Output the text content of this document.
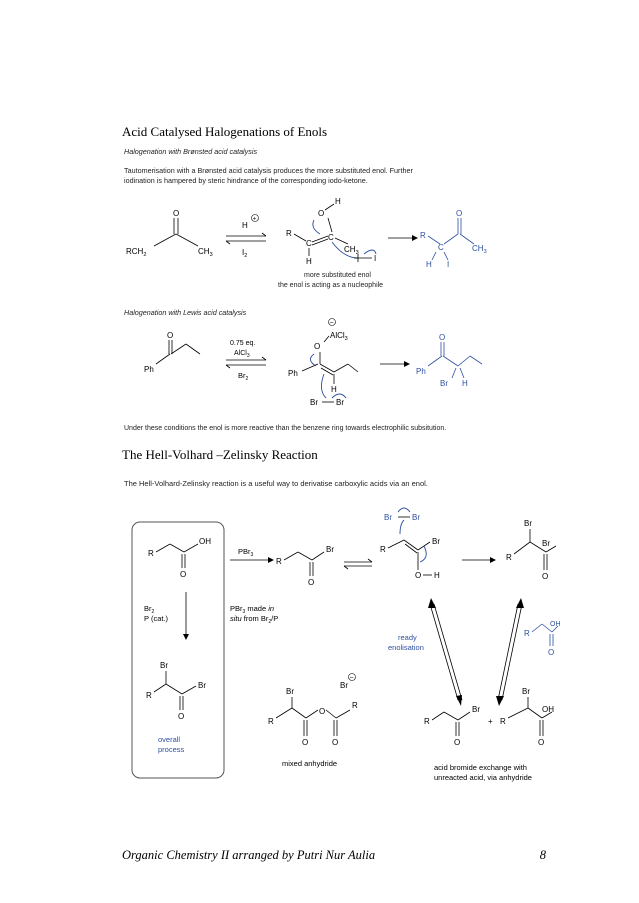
Acid Catalysed Halogenations of Enols
Halogenation with Brønsted acid catalysis
Tautomerisation with a Brønsted acid catalysis produces the more substituted enol. Further
iodination is hampered by steric hindrance of the corresponding iodo-ketone.
O
$RCH_2$	$CH_3$
H
+
$I_2$
R
C
C
H
O
H
$CH_3$
I
more substituted enol
the enol is acting as a nucleophile
R
C
O
$CH_3$
H I
Halogenation with Lewis acid catalysis
Ph
O
0.75 eq.
AlCl$_3$
$Br_2$
−
AlCl$_3$
O
Ph
H
Br Br
Ph
O
Br H
Under these conditions the enol is more reactive than the benzene ring towards electrophilic subsitution.
The Hell-Volhard –Zelinsky Reaction
The Hell-Volhard-Zelinsky reaction is a useful way to derivatise carboxylic acids via an enol.
R
OH
O
$Br_2$
P (cat.)
Br
R
Br
O
overall
process
PBr$_3$
PBr$_3$ made in
situ from $Br_2/P$
R
Br
O
Br	Br
R
Br
O H
Br
R
Br
O
ready
enolisation
R
OH
O
Br
−
Br
R
O
O
O
R
mixed anhydride
R
Br
O
+
Br
R
OH
O
acid bromide exchange with
unreacted acid, via anhydride
Organic Chemistry II arranged by Putri Nur Aulia	8
